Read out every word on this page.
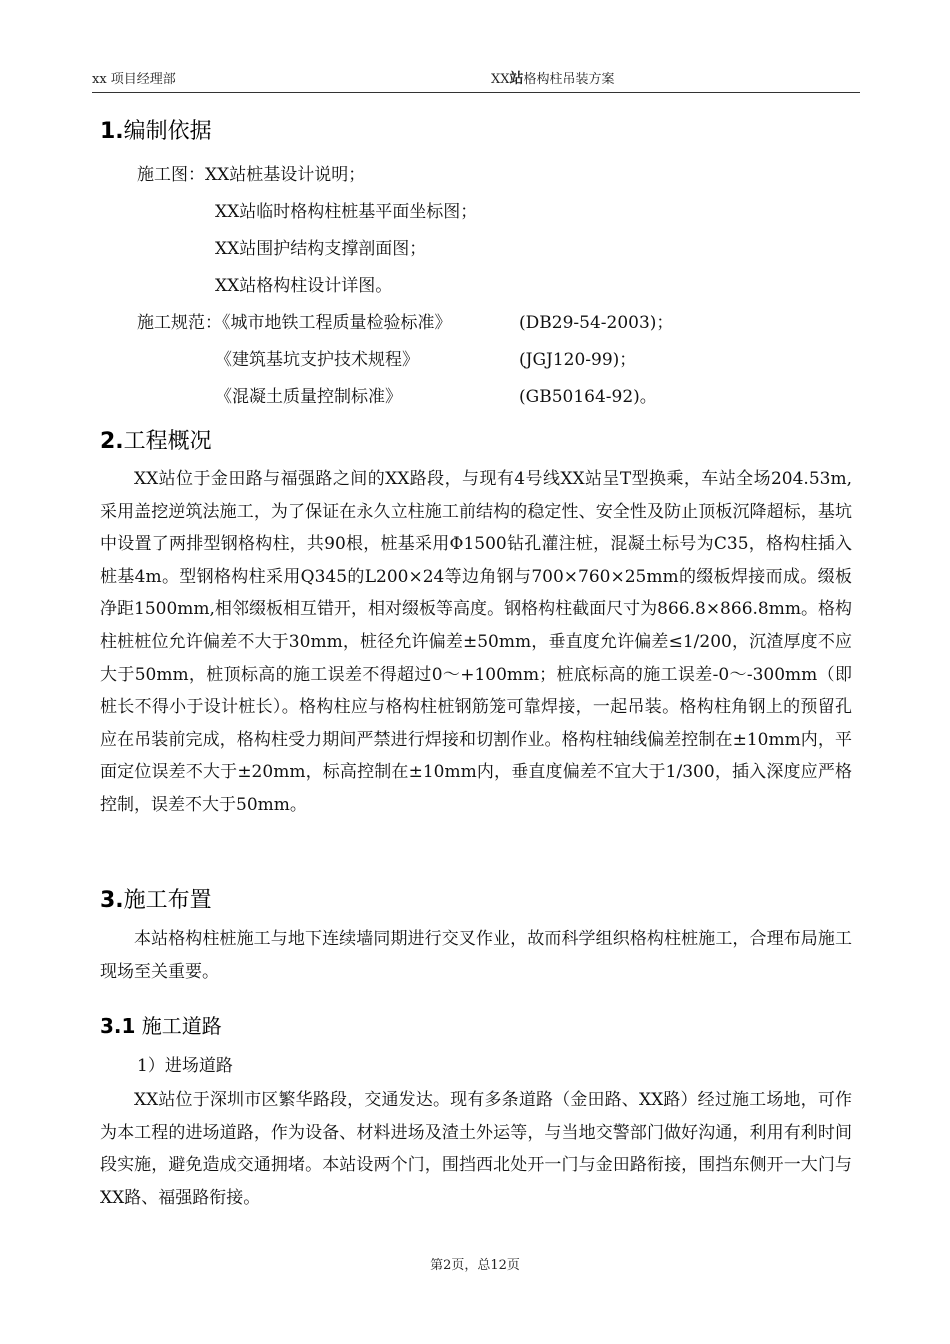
xx 项目经理部	XX站格构柱吊装方案
1.编制依据
施工图：XX站桩基设计说明；
XX站临时格构柱桩基平面坐标图；
XX站围护结构支撑剖面图；
XX站格构柱设计详图。
施工规范：《城市地铁工程质量检验标准》	(DB29-54-2003)；
《建筑基坑支护技术规程》	(JGJ120-99)；
《混凝土质量控制标准》	(GB50164-92)。
2.工程概况

XX站位于金田路与福强路之间的XX路段，与现有4号线XX站呈T型换乘，车站全场204.53m,采用盖挖逆筑法施工，为了保证在永久立柱施工前结构的稳定性、安全性及防止顶板沉降超标，基坑中设置了两排型钢格构柱，共90根，桩基采用Φ1500钻孔灌注桩，混凝土标号为C35，格构柱插入桩基4m。型钢格构柱采用Q345的L200×24等边角钢与700×760×25mm的缀板焊接而成。缀板净距1500mm,相邻缀板相互错开，相对缀板等高度。钢格构柱截面尺寸为866.8×866.8mm。格构柱桩桩位允许偏差不大于30mm，桩径允许偏差±50mm，垂直度允许偏差≤1/200，沉渣厚度不应大于50mm，桩顶标高的施工误差不得超过0～+100mm；桩底标高的施工误差-0～-300mm（即桩长不得小于设计桩长）。格构柱应与格构柱桩钢筋笼可靠焊接，一起吊装。格构柱角钢上的预留孔应在吊装前完成，格构柱受力期间严禁进行焊接和切割作业。格构柱轴线偏差控制在±10mm内，平面定位误差不大于±20mm，标高控制在±10mm内，垂直度偏差不宜大于1/300，插入深度应严格控制，误差不大于50mm。

3.施工布置

本站格构柱桩施工与地下连续墙同期进行交叉作业，故而科学组织格构柱桩施工，合理布局施工现场至关重要。

3.1 施工道路
1）进场道路

XX站位于深圳市区繁华路段，交通发达。现有多条道路（金田路、XX路）经过施工场地，可作为本工程的进场道路，作为设备、材料进场及渣土外运等，与当地交警部门做好沟通，利用有利时间段实施，避免造成交通拥堵。本站设两个门，围挡西北处开一门与金田路衔接，围挡东侧开一大门与XX路、福强路衔接。

第2页，总12页
